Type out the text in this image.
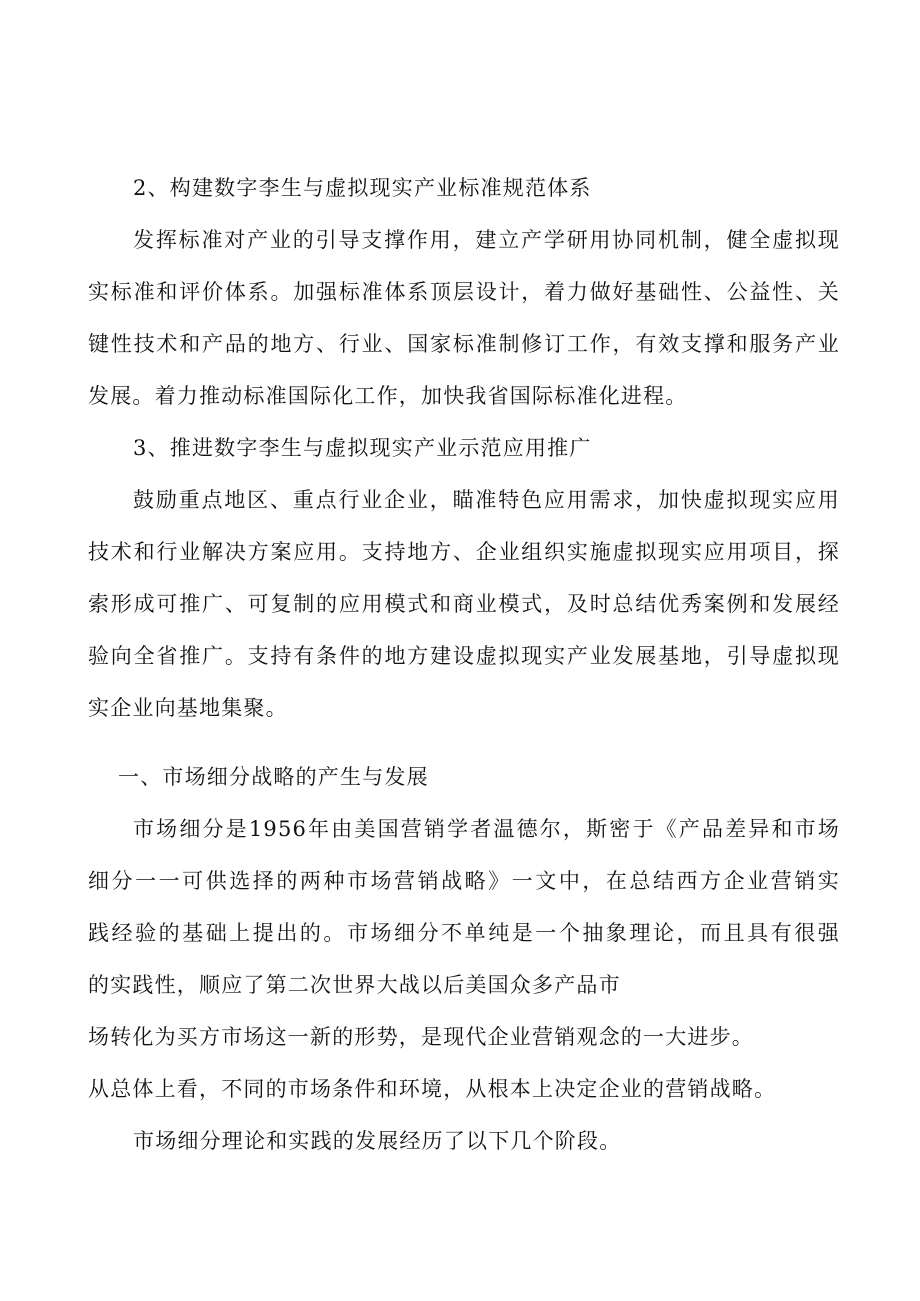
2、构建数字李生与虚拟现实产业标准规范体系
发挥标准对产业的引导支撑作用，建立产学研用协同机制，健全虚拟现
实标准和评价体系。加强标准体系顶层设计，着力做好基础性、公益性、关
键性技术和产品的地方、行业、国家标准制修订工作，有效支撑和服务产业
发展。着力推动标准国际化工作，加快我省国际标准化进程。
3、推进数字李生与虚拟现实产业示范应用推广
鼓励重点地区、重点行业企业，瞄准特色应用需求，加快虚拟现实应用
技术和行业解决方案应用。支持地方、企业组织实施虚拟现实应用项目，探
索形成可推广、可复制的应用模式和商业模式，及时总结优秀案例和发展经
验向全省推广。支持有条件的地方建设虚拟现实产业发展基地，引导虚拟现
实企业向基地集聚。
一、市场细分战略的产生与发展
市场细分是1956年由美国营销学者温德尔，斯密于《产品差异和市场
细分一一可供选择的两种市场营销战略》一文中，在总结西方企业营销实
践经验的基础上提出的。市场细分不单纯是一个抽象理论，而且具有很强
的实践性，顺应了第二次世界大战以后美国众多产品市
场转化为买方市场这一新的形势，是现代企业营销观念的一大进步。
从总体上看，不同的市场条件和环境，从根本上决定企业的营销战略。
市场细分理论和实践的发展经历了以下几个阶段。
